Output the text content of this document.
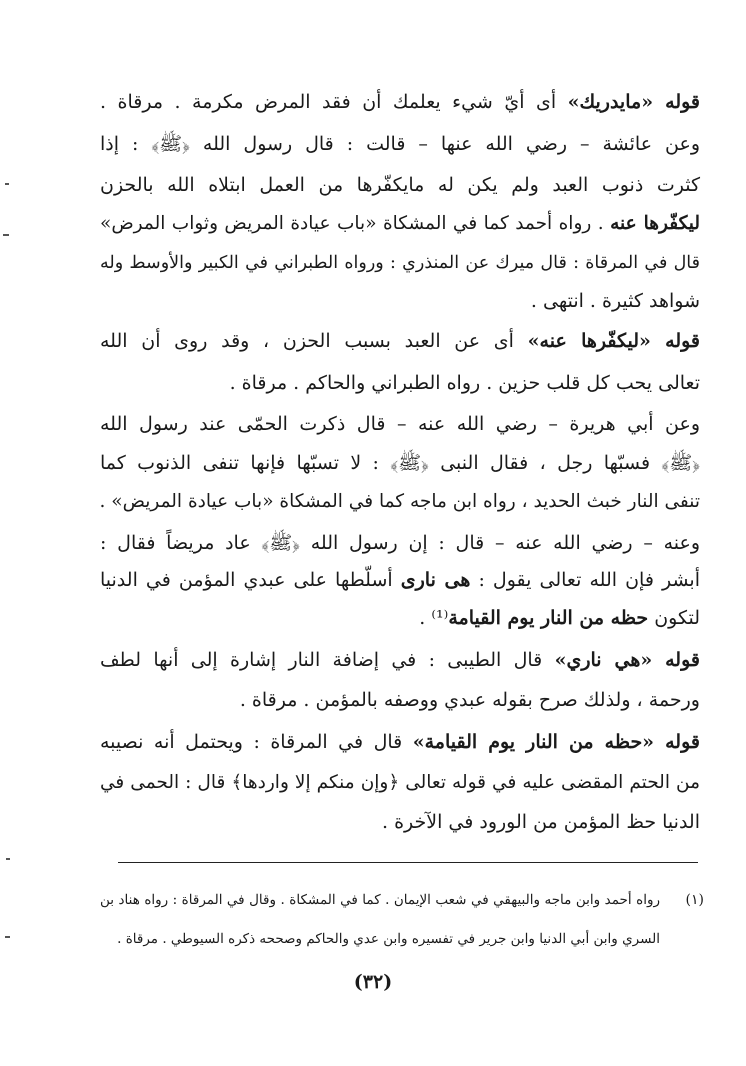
قوله «مايدريك» أى أيّ شيء يعلمك أن فقد المرض مكرمة . مرقاة .
وعن عائشة – رضي الله عنها – قالت : قال رسول الله ﴿ﷺ﴾ : إذا
كثرت ذنوب العبد ولم يكن له مايكفّرها من العمل ابتلاه الله بالحزن
ليكفّرها عنه . رواه أحمد كما في المشكاة «باب عيادة المريض وثواب المرض»
قال في المرقاة : قال ميرك عن المنذري : ورواه الطبراني في الكبير والأوسط وله
شواهد كثيرة . انتهى .
قوله «ليكفّرها عنه» أى عن العبد بسبب الحزن ، وقد روى أن الله
تعالى يحب كل قلب حزين . رواه الطبراني والحاكم . مرقاة .
وعن أبي هريرة – رضي الله عنه – قال ذكرت الحمّى عند رسول الله
﴿ﷺ﴾ فسبّها رجل ، فقال النبى ﴿ﷺ﴾ : لا تسبّها فإنها تنفى الذنوب كما
تنفى النار خبث الحديد ، رواه ابن ماجه كما في المشكاة «باب عيادة المريض» .
وعنه – رضي الله عنه – قال : إن رسول الله ﴿ﷺ﴾ عاد مريضاً فقال :
أبشر فإن الله تعالى يقول : هى نارى أسلّطها على عبدي المؤمن في الدنيا
لتكون حظه من النار يوم القيامة⁽¹⁾ .
قوله «هي ناري» قال الطيبى : في إضافة النار إشارة إلى أنها لطف
ورحمة ، ولذلك صرح بقوله عبدي ووصفه بالمؤمن . مرقاة .
قوله «حظه من النار يوم القيامة» قال في المرقاة : ويحتمل أنه نصيبه
من الحتم المقضى عليه في قوله تعالى ﴿وإن منكم إلا واردها﴾ قال : الحمى في
الدنيا حظ المؤمن من الورود في الآخرة .
(١)
رواه أحمد وابن ماجه والبيهقي في شعب الإيمان . كما في المشكاة . وقال في المرقاة : رواه هناد بن
السري وابن أبي الدنيا وابن جرير في تفسيره وابن عدي والحاكم وصححه ذكره السيوطي . مرقاة .
(٣٢)
